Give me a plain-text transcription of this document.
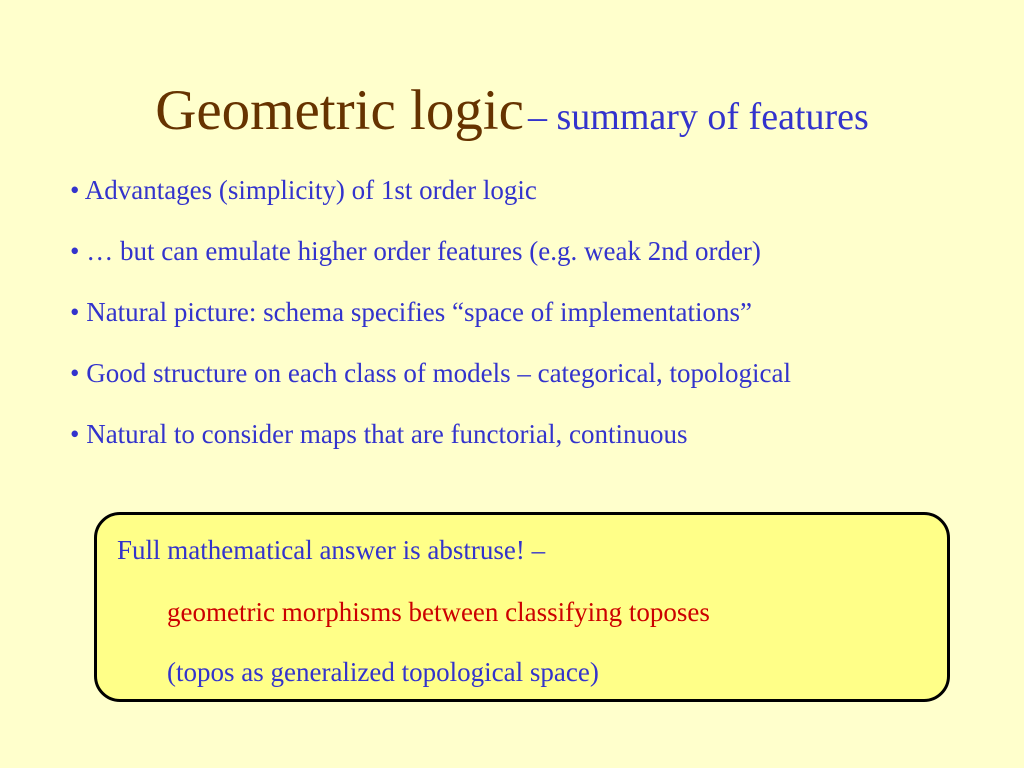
Geometric logic – summary of features
• Advantages (simplicity) of 1st order logic
• … but can emulate higher order features (e.g. weak 2nd order)
• Natural picture: schema specifies “space of implementations”
• Good structure on each class of models – categorical, topological
• Natural to consider maps that are functorial, continuous
Full mathematical answer is abstruse! –
geometric morphisms between classifying toposes
(topos as generalized topological space)
